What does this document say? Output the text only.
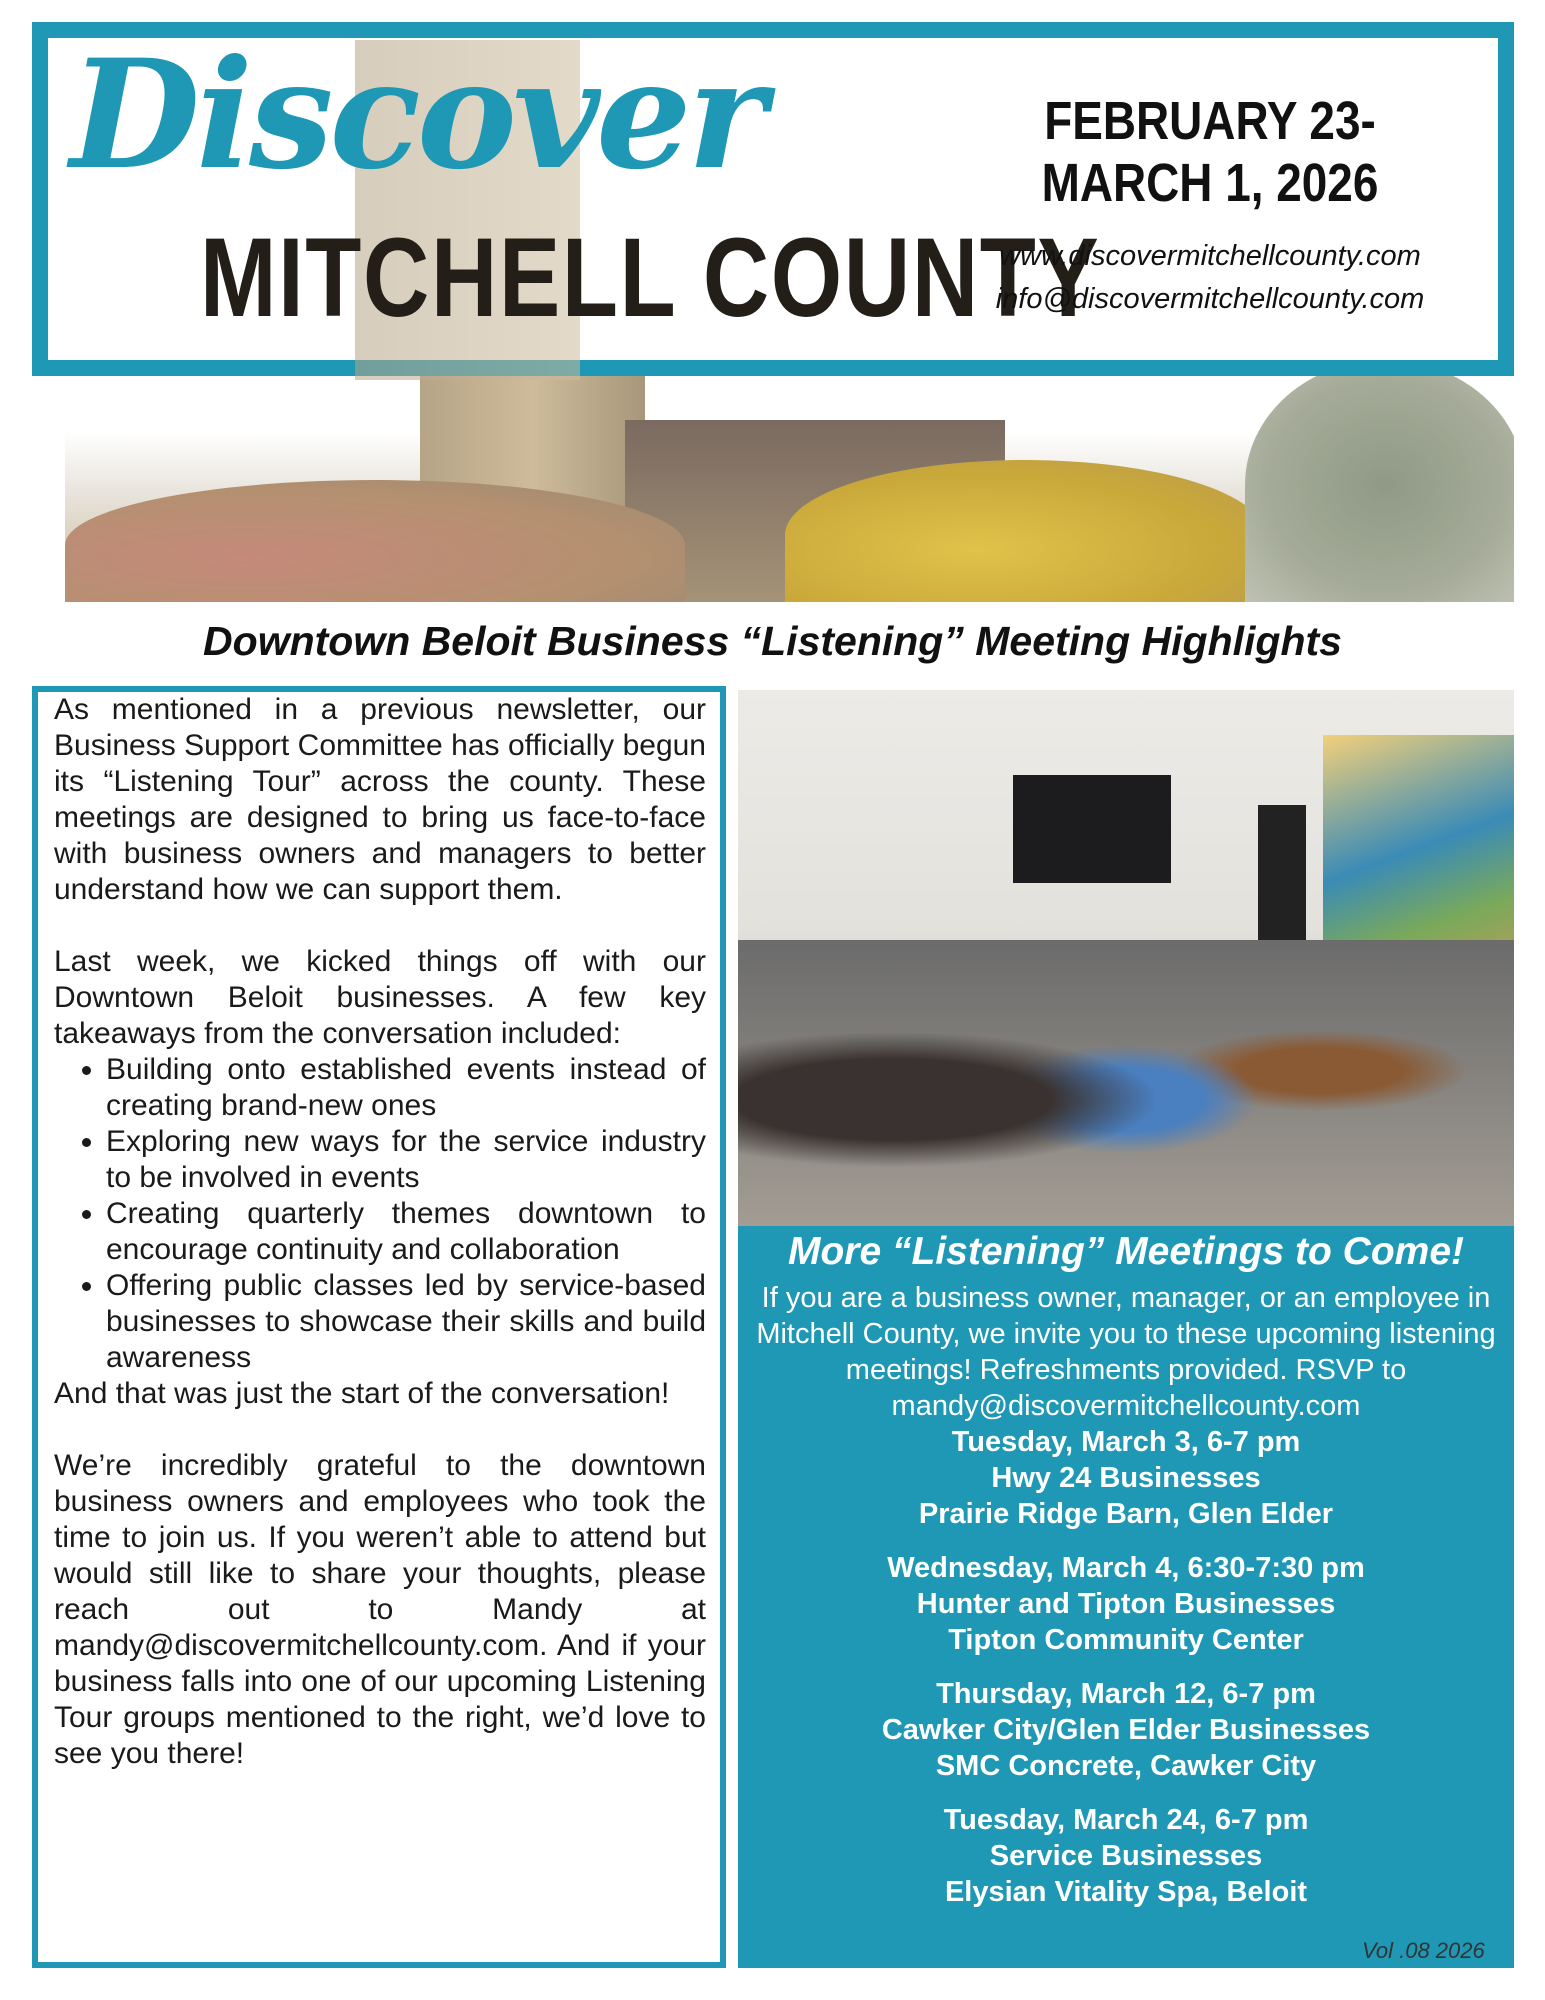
Discover
MITCHELL COUNTY
FEBRUARY 23-
MARCH 1, 2026
www.discovermitchellcounty.com
info@discovermitchellcounty.com
Downtown Beloit Business “Listening” Meeting Highlights

As mentioned in a previous newsletter, our Business Support Committee has officially begun its “Listening Tour” across the county. These meetings are designed to bring us face-to-face with business owners and managers to better understand how we can support them.

Last week, we kicked things off with our Downtown Beloit businesses. A few key takeaways from the conversation included:
• Building onto established events instead of creating brand-new ones
• Exploring new ways for the service industry to be involved in events
• Creating quarterly themes downtown to encourage continuity and collaboration
• Offering public classes led by service-based businesses to showcase their skills and build awareness

And that was just the start of the conversation!

We’re incredibly grateful to the downtown business owners and employees who took the time to join us. If you weren’t able to attend but would still like to share your thoughts, please reach out to Mandy at mandy@discovermitchellcounty.com. And if your business falls into one of our upcoming Listening Tour groups mentioned to the right, we’d love to see you there!
More “Listening” Meetings to Come!
If you are a business owner, manager, or an employee in Mitchell County, we invite you to these upcoming listening meetings! Refreshments provided. RSVP to mandy@discovermitchellcounty.com
Tuesday, March 3, 6-7 pm
Hwy 24 Businesses
Prairie Ridge Barn, Glen Elder
Wednesday, March 4, 6:30-7:30 pm
Hunter and Tipton Businesses
Tipton Community Center
Thursday, March 12, 6-7 pm
Cawker City/Glen Elder Businesses
SMC Concrete, Cawker City
Tuesday, March 24, 6-7 pm
Service Businesses
Elysian Vitality Spa, Beloit
Vol .08 2026
